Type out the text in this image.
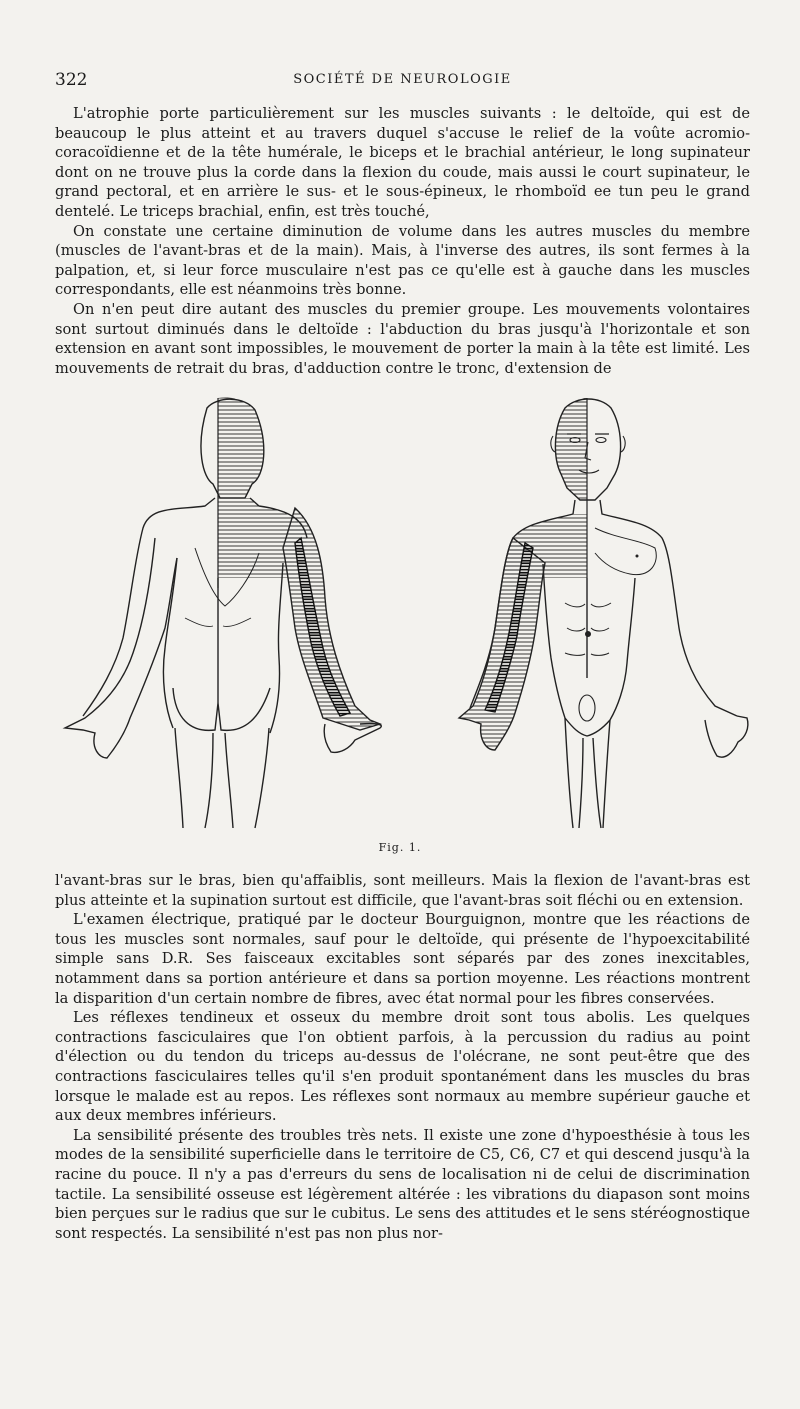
322	SOCIÉTÉ DE NEUROLOGIE

L'atrophie porte particulièrement sur les muscles suivants : le deltoïde, qui est de beaucoup le plus atteint et au travers duquel s'accuse le relief de la voûte acromio-coracoïdienne et de la tête humérale, le biceps et le brachial antérieur, le long supinateur dont on ne trouve plus la corde dans la flexion du coude, mais aussi le court supinateur, le grand pectoral, et en arrière le sus- et le sous-épineux, le rhomboïd ee tun peu le grand dentelé. Le triceps brachial, enfin, est très touché,

On constate une certaine diminution de volume dans les autres muscles du membre (muscles de l'avant-bras et de la main). Mais, à l'inverse des autres, ils sont fermes à la palpation, et, si leur force musculaire n'est pas ce qu'elle est à gauche dans les muscles correspondants, elle est néanmoins très bonne.

On n'en peut dire autant des muscles du premier groupe. Les mouvements volontaires sont surtout diminués dans le deltoïde : l'abduction du bras jusqu'à l'horizontale et son extension en avant sont impossibles, le mouvement de porter la main à la tête est limité. Les mouvements de retrait du bras, d'adduction contre le tronc, d'extension de

Fig. 1.

l'avant-bras sur le bras, bien qu'affaiblis, sont meilleurs. Mais la flexion de l'avant-bras est plus atteinte et la supination surtout est difficile, que l'avant-bras soit fléchi ou en extension.

L'examen électrique, pratiqué par le docteur Bourguignon, montre que les réactions de tous les muscles sont normales, sauf pour le deltoïde, qui présente de l'hypoexcitabilité simple sans D.R. Ses faisceaux excitables sont séparés par des zones inexcitables, notamment dans sa portion antérieure et dans sa portion moyenne. Les réactions montrent la disparition d'un certain nombre de fibres, avec état normal pour les fibres conservées.

Les réflexes tendineux et osseux du membre droit sont tous abolis. Les quelques contractions fasciculaires que l'on obtient parfois, à la percussion du radius au point d'élection ou du tendon du triceps au-dessus de l'olécrane, ne sont peut-être que des contractions fasciculaires telles qu'il s'en produit spontanément dans les muscles du bras lorsque le malade est au repos. Les réflexes sont normaux au membre supérieur gauche et aux deux membres inférieurs.

La sensibilité présente des troubles très nets. Il existe une zone d'hypoesthésie à tous les modes de la sensibilité superficielle dans le territoire de C5, C6, C7 et qui descend jusqu'à la racine du pouce. Il n'y a pas d'erreurs du sens de localisation ni de celui de discrimination tactile. La sensibilité osseuse est légèrement altérée : les vibrations du diapason sont moins bien perçues sur le radius que sur le cubitus. Le sens des attitudes et le sens stéréognostique sont respectés. La sensibilité n'est pas non plus nor-
